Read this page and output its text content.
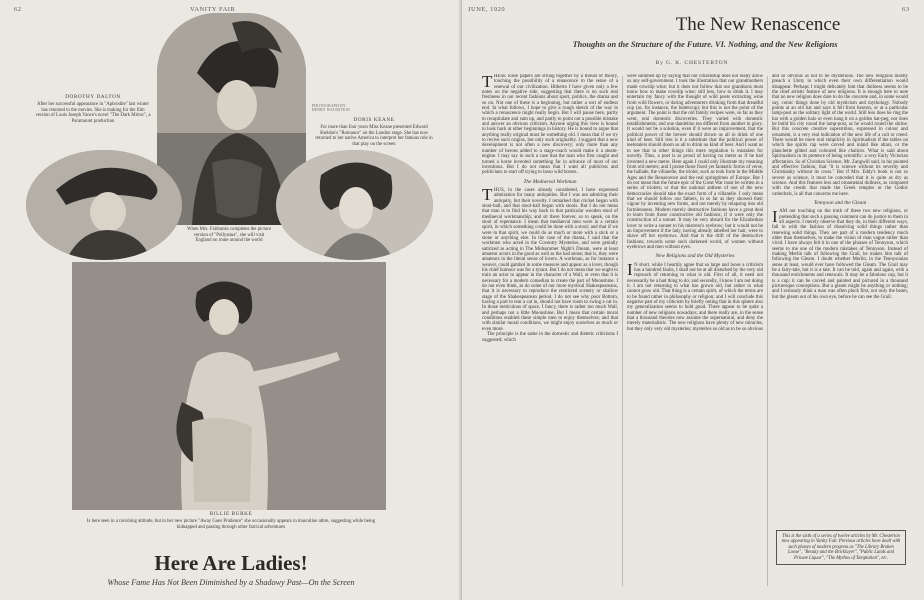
62	VANITY FAIR
DOROTHY DALTON
After her successful appearance in "Aphrodite" last winter has returned to the movies. She is making for the film version of Louis Joseph Vance's novel "The Dark Mirror", a Paramount production
PHOTOGRAPH BY HENRY WALDSTEIN
DORIS KEANE
For more than four years Miss Keane presented Edward Sheldon's "Romance" on the London stage. She has now returned to her native America to interpret her famous role in that play on the screen
MARY PICKFORD
When Mrs. Fairbanks completes the picture version of "Pollyanna", she will visit England on route around the world
BILLIE BURKE
Is here seen in a ravishing attitude, but in her new picture "Away Goes Prudence" she occasionally appears in masculine attire, suggesting while being kidnapped and passing through other farcical adventures
Here Are Ladies!
Whose Fame Has Not Been Diminished by a Shadowy Past—On the Screen
JUNE, 1920	63
The New Renascence
Thoughts on the Structure of the Future. VI. Nothing, and the New Religions
By G. K. CHESTERTON

THESE loose papers are strung together by a thread of theory, touching the possibility of a renascence in the sense of a renewal of our civilization. Hitherto I have given only a few notes on the negative side, suggesting that there is no such real freshness in our recent fashions about sport, politics, the drama and so on. Not one of these is a beginning, but rather a sort of endless end. In what follows, I hope to give a rough sketch of the way in which a renascence might really begin. But I will pause here, partly to recapitulate and sum up, and partly to point out a possible mistake and answer an obvious criticism. Anyone urging this view is bound to look back at other beginnings in history. He is bound to argue that anything really original must be something old. I mean that if we try to revive such origins, but only such originality. I suggest that a new development is not often a new discovery; only more than any number of heroes added to a stage-coach would make it a steam-engine. I may say in such a case that the man who first caught and turned a horse invented something far in advance of most of our inventions. But I do not mean that I want all publicists and politicians to start off trying to lasso wild horses.

The Mediaeval Workman

THUS, in the cases already considered, I have expressed admiration for many antiquities. But I was not admiring their antiquity, but their novelty. I remarked that cricket began with stool-ball; and that stool-ball began with stools. But I do not mean that man is to find his way back to that particular wooden stool of mediaeval workmanship; and sit there forever, so to speak, on the stool of repentance. I mean that mediaeval men were in a certain spirit, in which something could be done with a stool; and that if we were in that spirit, we could do as much or more with a stick or a stone or anything else. In the case of the drama, I said that the workmen who acted in the Coventry Mysteries, and were genially satirized as acting in The Midsummer Night's Dream, were at least amateur actors in the good as well as the bad sense; that is, they were amateurs in the literal sense of lovers. A workman, as for instance a weaver, could gambol in some measure and appear as a lover, though his chief humour was for a tyrant. But I do not mean that we ought to train an actor to appear in the character of a Wall, or even that it is necessary for a modern comedian to create the part of Moonshine. I do not even think, as do some of our more mystical Shakespeareans, that it is necessary to reproduce the restricted scenery or shallow stage of the Shakespearean period. I do not see why poor Bottom, having a part to tear a cat in, should not have room to swing a cat in. In those meticulous of space, I fancy, there is rather too much Wall, and perhaps not a little Moonshine. But I mean that certain moral conditions enabled these simple men to enjoy themselves; and that with similar moral conditions, we might enjoy ourselves as much or even more.

The principle is the same in the domestic and dietetic criticisms I suggested; which

were summed up by saying that our citizenship does not really allow us any self-government. I took the illustration that our grandmothers made cowslip wine; but it does not follow that our grandsons must know how to make cowslip wine; still less, how to drink it. I may entertain my fancy with the thought of wild poets extracting wine from wild flowers, or daring adventurers drinking from that dreadful cup (as, for instance, the buttercup); but this is not the point of the argument. The point is that the old family recipes were, so far as they went, real domestic discoveries. They varied with domestic establishments; and one dandelion tea differed from another in glory. It would not be a solution, even if it were an improvement, that the political power of the brewer should drown us all in drink of one kind of beer. Still less is it a substitute that the political power of teetotalers should doom us all to drink no kind of beer. And I want us to see that in other things this mere regulation is mistaken for novelty. Thus, a poet is as proud of having no metre as if he had invented a new metre. Here again I could only illustrate my meaning from old metres; and I praise those fixed yet fantastic forms of verse, the ballade, the villanelle, the triolet, such as took form in the Middle Ages and the Renascence and the real springtimes of Europe. But I do not mean that the future epic of the Great War must be written in a series of triolets; or that the national anthem of one of the new democracies should take the exact form of a villanelle. I only mean that we should follow our fathers, in so far as they showed their vigour by inventing new forms, and not merely by relapsing into old formlessness. Modern merely destructive fashions have a great deal to learn from those constructive old fashions; if it were only the construction of a sonnet. It may be very absurd for the Elizabethan lover to write a sonnet to his mistress's eyebrow; but it would not be an improvement if the lady, having already labelled her hair, were to shave off her eyebrows. And that is the drift of the destructive fashions; towards some such darkened world, of women without eyebrows and men without eyes.

New Religions and the Old Mysteries

I N short, while I heartily agree that so large and loose a criticism has a hundred faults, I shall not be at all disturbed by the very old reproach of returning to what is old. First of all, it need not necessarily be a bad thing to do; and secondly, I know I am not doing it. I am not returning to what has grown old, but rather to what cannot grow old. That thing is a certain spirit, of which the terms are to be found rather in philosophy or religion; and I will conclude this negative part of my criticism by briefly noting that in this sphere also my generalization seems to hold good. There appear to be quite a number of new religions nowadays; and there really are, in the sense that a thousand theories now assume the supernatural, and deny the merely materialistic. The new religions have plenty of new miracles, but they only very old mysteries; mysteries so old as to be so obvious

and so obvious as not to be mysterious. The new religions mostly preach a Unity in which even their own differentiation would disappear. Perhaps I might delicately hint that dullness seems to be the chief artistic feature of new religions. It is enough here to note that no new religion does dare to do the concrete and, in some would say, comic things done by old mysticism and mythology. Nobody points at an old hat and says it fell from heaven, or at a particular lamp-post as the solitary light of the world. Still less does he ring the bar with a golden halo or even hang it on a golden hat-peg; nor does he build his city round the lamp-post, as he would round the shrine. But this concrete creative superstition, expressed in colour and ornament, is a very real indication of the new life of a cult or creed. There would be more real simplicity in Spiritualism if the tables on which the spirits rap were carved and inlaid like altars, or the planchette gilded and coloured like chalices. What is said about Spiritualism in its pretence of being scientific: a very Early Victorian affectation. So of Christian Science, Mr. Zangwill said, in his pointed and effective fashion, that "it is science without its severity and Christianity without its cross." But if Mrs. Eddy's book is not so severe as science, it must be conceded that it is quite as dry as science. And this features less and ornamental dullness, as compared with the creeds that made the Greek temples or the Gothic cathedrals, is all that concerns me here.

Tennyson and the Gleam

IAM not touching on the truth of these two new religions, or pretending that such a passing comment can do justice to them in all aspects. I merely observe that they do, in their different ways, fall in with the fashion of dissolving solid things rather than renewing solid things. They are part of a modern tendency much older than themselves, to make the vision of man vague rather than vivid. I have always felt it in one of the phrases of Tennyson, which seems to me one of the modern mistakes of Tennyson. Instead of making Merlin talk of following the Grail, he makes him talk of following the Gleam. I doubt whether Merlin, in the Tennysonian sense at least, would ever have followed the Gleam. The Grail may be a fairy-tale, but it is a tale. It can be told, again and again, with a thousand enrichments and renewals. It may be a fabulous cup, but it is a cup; it can be carved and painted and pictured in a thousand picturesque conceptions. But a gleam might be anything or nothing; and I seriously think a man was often pluck first, not only the beam, but the gleam out of his own eye, before he can see the Grail.

This is the sixth of a series of twelve articles by Mr. Chesterton now appearing in Vanity Fair. Previous articles have dealt with such phases of modern progress as "The Library Broken Loose", "Beauty and the Bricklayer", "Public Lands and Private Liquor", "The Mythos of Temptation", etc.
